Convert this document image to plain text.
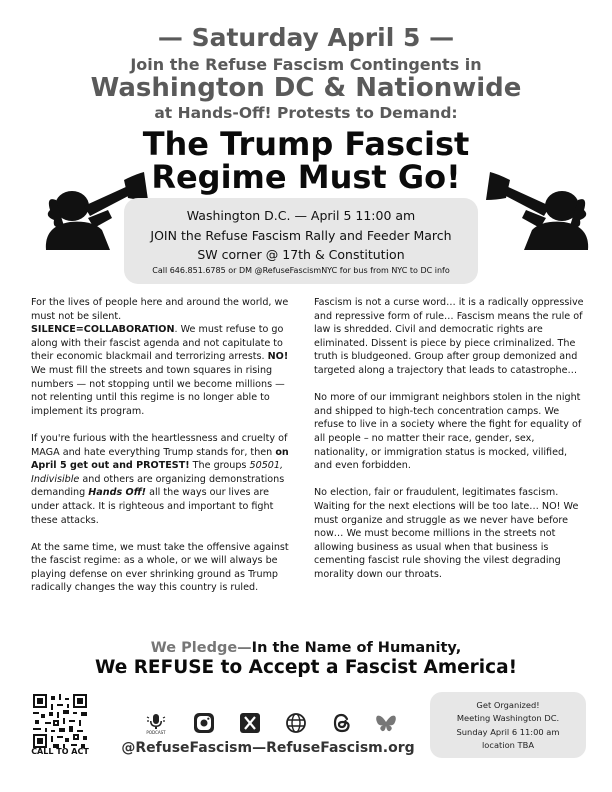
— Saturday April 5 —
Join the Refuse Fascism Contingents in
Washington DC & Nationwide
at Hands-Off! Protests to Demand:
The Trump Fascist
Regime Must Go!
Washington D.C. — April 5 11:00 am
JOIN the Refuse Fascism Rally and Feeder March
SW corner @ 17th & Constitution
Call 646.851.6785 or DM @RefuseFascismNYC for bus from NYC to DC info

For the lives of people here and around the world, we must not be silent.
SILENCE=COLLABORATION. We must refuse to go along with their fascist agenda and not capitulate to their economic blackmail and terrorizing arrests. NO! We must fill the streets and town squares in rising numbers — not stopping until we become millions — not relenting until this regime is no longer able to implement its program.

If you're furious with the heartlessness and cruelty of MAGA and hate everything Trump stands for, then on April 5 get out and PROTEST! The groups 50501, Indivisible and others are organizing demonstrations demanding Hands Off! all the ways our lives are under attack. It is righteous and important to fight these attacks.

At the same time, we must take the offensive against the fascist regime: as a whole, or we will always be playing defense on ever shrinking ground as Trump radically changes the way this country is ruled.

Fascism is not a curse word… it is a radically oppressive and repressive form of rule… Fascism means the rule of law is shredded. Civil and democratic rights are eliminated. Dissent is piece by piece criminalized. The truth is bludgeoned. Group after group demonized and targeted along a trajectory that leads to catastrophe…

No more of our immigrant neighbors stolen in the night and shipped to high-tech concentration camps. We refuse to live in a society where the fight for equality of all people – no matter their race, gender, sex, nationality, or immigration status is mocked, vilified, and even forbidden.

No election, fair or fraudulent, legitimates fascism. Waiting for the next elections will be too late… NO! We must organize and struggle as we never have before now… We must become millions in the streets not allowing business as usual when that business is cementing fascist rule shoving the vilest degrading morality down our throats.

We Pledge—In the Name of Humanity,
We REFUSE to Accept a Fascist America!
CALL TO ACT
PODCAST
@RefuseFascism—RefuseFascism.org
Get Organized!
Meeting Washington DC.
Sunday April 6 11:00 am
location TBA
